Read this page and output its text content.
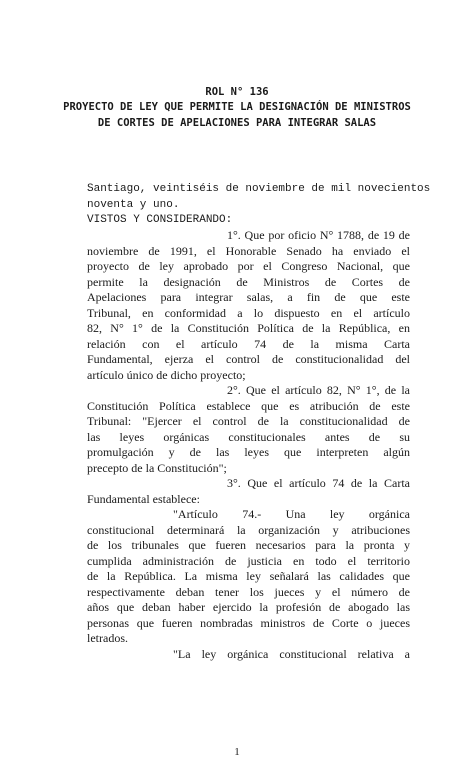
ROL N° 136
PROYECTO DE LEY QUE PERMITE LA DESIGNACIÓN DE MINISTROS
DE CORTES DE APELACIONES PARA INTEGRAR SALAS
Santiago, veintiséis de noviembre de mil novecientos
noventa y uno.
VISTOS Y CONSIDERANDO:
1°. Que por oficio N° 1788, de 19 de
noviembre de 1991, el Honorable Senado ha enviado el
proyecto de ley aprobado por el Congreso Nacional, que
permite la designación de Ministros de Cortes de
Apelaciones para integrar salas, a fin de que este
Tribunal, en conformidad a lo dispuesto en el artículo
82, N° 1° de la Constitución Política de la República, en
relación con el artículo 74 de la misma Carta
Fundamental, ejerza el control de constitucionalidad del
artículo único de dicho proyecto;
2°. Que el artículo 82, N° 1°, de la
Constitución Política establece que es atribución de este
Tribunal: "Ejercer el control de la constitucionalidad de
las leyes orgánicas constitucionales antes de su
promulgación y de las leyes que interpreten algún
precepto de la Constitución";
3°. Que el artículo 74 de la Carta
Fundamental establece:
"Artículo 74.- Una ley orgánica
constitucional determinará la organización y atribuciones
de los tribunales que fueren necesarios para la pronta y
cumplida administración de justicia en todo el territorio
de la República. La misma ley señalará las calidades que
respectivamente deban tener los jueces y el número de
años que deban haber ejercido la profesión de abogado las
personas que fueren nombradas ministros de Corte o jueces
letrados.
"La ley orgánica constitucional relativa a
1
